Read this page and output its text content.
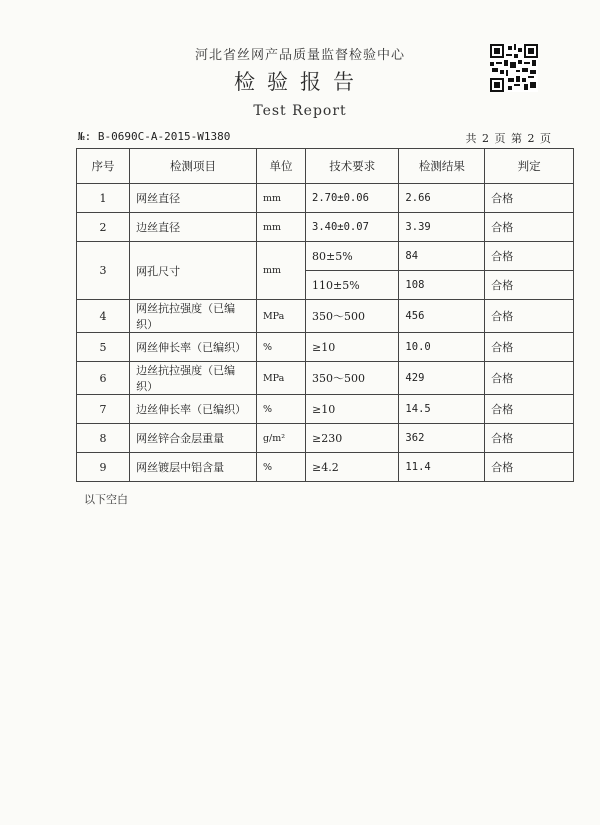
河北省丝网产品质量监督检验中心
检验报告
Test Report
№: B-0690C-A-2015-W1380	共 2 页 第 2 页
序号	检测项目	单位	技术要求	检测结果	判定
1	网丝直径	mm	2.70±0.06	2.66	合格
2	边丝直径	mm	3.40±0.07	3.39	合格
3	网孔尺寸	mm	80±5%	84	合格
			110±5%	108	合格
4	网丝抗拉强度（已编织）	MPa	350～500	456	合格
5	网丝伸长率（已编织）	%	≥10	10.0	合格
6	边丝抗拉强度（已编织）	MPa	350～500	429	合格
7	边丝伸长率（已编织）	%	≥10	14.5	合格
8	网丝锌合金层重量	g/m²	≥230	362	合格
9	网丝镀层中铝含量	%	≥4.2	11.4	合格
以下空白
